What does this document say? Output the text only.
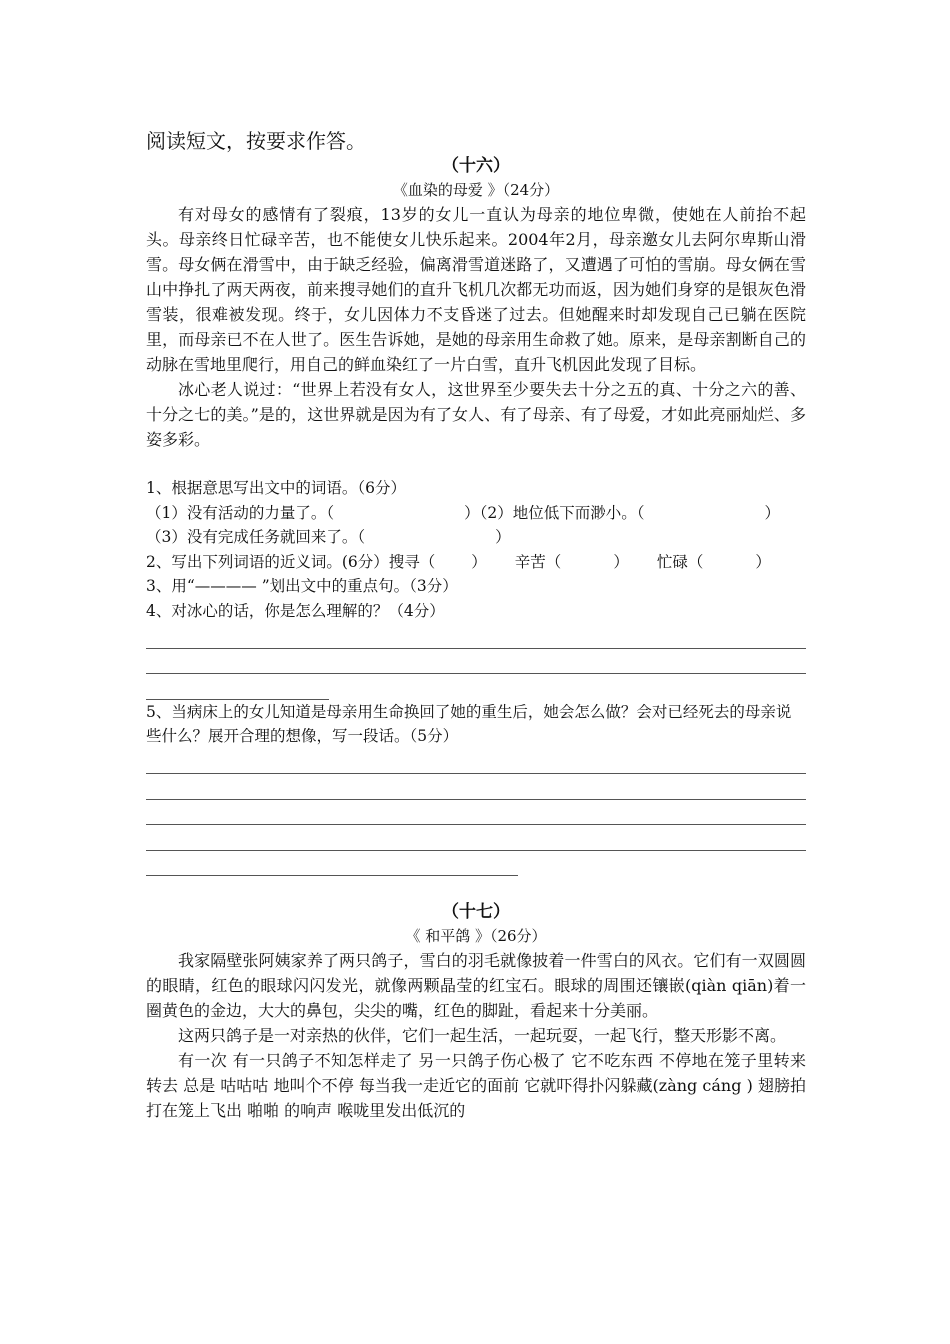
阅读短文，按要求作答。
（十六）
《血染的母爱 》（24分）

有对母女的感情有了裂痕，13岁的女儿一直认为母亲的地位卑微，使她在人前抬不起头。母亲终日忙碌辛苦，也不能使女儿快乐起来。2004年2月，母亲邀女儿去阿尔卑斯山滑雪。母女俩在滑雪中，由于缺乏经验，偏离滑雪道迷路了，又遭遇了可怕的雪崩。母女俩在雪山中挣扎了两天两夜，前来搜寻她们的直升飞机几次都无功而返，因为她们身穿的是银灰色滑雪装，很难被发现。终于，女儿因体力不支昏迷了过去。但她醒来时却发现自己已躺在医院里，而母亲已不在人世了。医生告诉她，是她的母亲用生命救了她。原来，是母亲割断自己的动脉在雪地里爬行，用自己的鲜血染红了一片白雪，直升飞机因此发现了目标。

冰心老人说过：“世界上若没有女人，这世界至少要失去十分之五的真、十分之六的善、十分之七的美。”是的，这世界就是因为有了女人、有了母亲、有了母爱，才如此亮丽灿烂、多姿多彩。

1、根据意思写出文中的词语。（6分）

（1）没有活动的力量了。（	）（2）地位低下而渺小。（	）

（3）没有完成任务就回来了。（	）

2、写出下列词语的近义词。(6分）搜寻（ ） 辛苦（	） 忙碌（	）

3、用“———— ”划出文中的重点句。（3分）

4、对冰心的话，你是怎么理解的？（4分）

5、当病床上的女儿知道是母亲用生命换回了她的重生后，她会怎么做？会对已经死去的母亲说些什么？展开合理的想像，写一段话。（5分）

（十七）
《 和平鸽 》（26分）

我家隔壁张阿姨家养了两只鸽子，雪白的羽毛就像披着一件雪白的风衣。它们有一双圆圆的眼睛，红色的眼球闪闪发光，就像两颗晶莹的红宝石。眼球的周围还镶嵌(qiàn qiān)着一圈黄色的金边，大大的鼻包，尖尖的嘴，红色的脚趾，看起来十分美丽。

这两只鸽子是一对亲热的伙伴，它们一起生活，一起玩耍，一起飞行，整天形影不离。

有一次 有一只鸽子不知怎样走了 另一只鸽子伤心极了 它不吃东西 不停地在笼子里转来转去 总是 咕咕咕 地叫个不停 每当我一走近它的面前 它就吓得扑闪躲藏(zàng cáng ) 翅膀拍打在笼上飞出 啪啪 的响声 喉咙里发出低沉的
